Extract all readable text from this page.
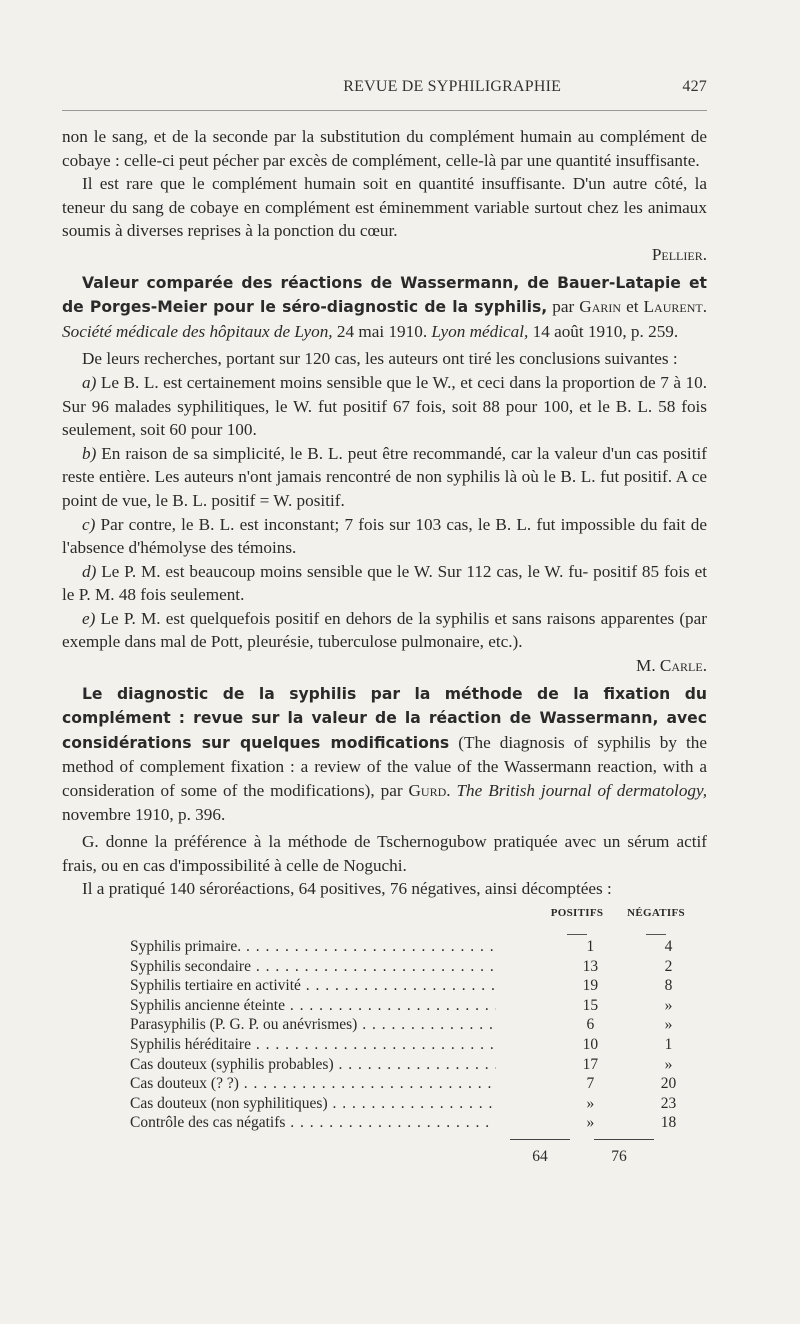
REVUE DE SYPHILIGRAPHIE	427

non le sang, et de la seconde par la substitution du complément humain au complément de cobaye : celle-ci peut pécher par excès de complément, celle-là par une quantité insuffisante.

Il est rare que le complément humain soit en quantité insuffisante. D'un autre côté, la teneur du sang de cobaye en complément est éminemment variable surtout chez les animaux soumis à diverses reprises à la ponction du cœur.

Pellier.

Valeur comparée des réactions de Wassermann, de Bauer-Latapie et de Porges-Meier pour le séro-diagnostic de la syphilis, par Garin et Laurent. Société médicale des hôpitaux de Lyon, 24 mai 1910. Lyon médical, 14 août 1910, p. 259.

De leurs recherches, portant sur 120 cas, les auteurs ont tiré les conclusions suivantes :

a) Le B. L. est certainement moins sensible que le W., et ceci dans la proportion de 7 à 10. Sur 96 malades syphilitiques, le W. fut positif 67 fois, soit 88 pour 100, et le B. L. 58 fois seulement, soit 60 pour 100.

b) En raison de sa simplicité, le B. L. peut être recommandé, car la valeur d'un cas positif reste entière. Les auteurs n'ont jamais rencontré de non syphilis là où le B. L. fut positif. A ce point de vue, le B. L. positif = W. positif.

c) Par contre, le B. L. est inconstant; 7 fois sur 103 cas, le B. L. fut impossible du fait de l'absence d'hémolyse des témoins.

d) Le P. M. est beaucoup moins sensible que le W. Sur 112 cas, le W. fu- positif 85 fois et le P. M. 48 fois seulement.

e) Le P. M. est quelquefois positif en dehors de la syphilis et sans raisons apparentes (par exemple dans mal de Pott, pleurésie, tuberculose pulmonaire, etc.).

M. Carle.

Le diagnostic de la syphilis par la méthode de la fixation du complément : revue sur la valeur de la réaction de Wassermann, avec considérations sur quelques modifications (The diagnosis of syphilis by the method of complement fixation : a review of the value of the Wassermann reaction, with a consideration of some of the modifications), par Gurd. The British journal of dermatology, novembre 1910, p. 396.

G. donne la préférence à la méthode de Tschernogubow pratiquée avec un sérum actif frais, ou en cas d'impossibilité à celle de Noguchi.

Il a pratiqué 140 séroréactions, 64 positives, 76 négatives, ainsi décomptées :

POSITIFS	NÉGATIFS
Syphilis primaire. . . .	1	4
Syphilis secondaire . . .	13	2
Syphilis tertiaire en activité . . .	19	8
Syphilis ancienne éteinte . . .	15	»
Parasyphilis (P. G. P. ou anévrismes) . . .	6	»
Syphilis héréditaire . . .	10	1
Cas douteux (syphilis probables) . . .	17	»
Cas douteux (? ?) . . .	7	20
Cas douteux (non syphilitiques) . . .	»	23
Contrôle des cas négatifs . . .	»	18
64	76
